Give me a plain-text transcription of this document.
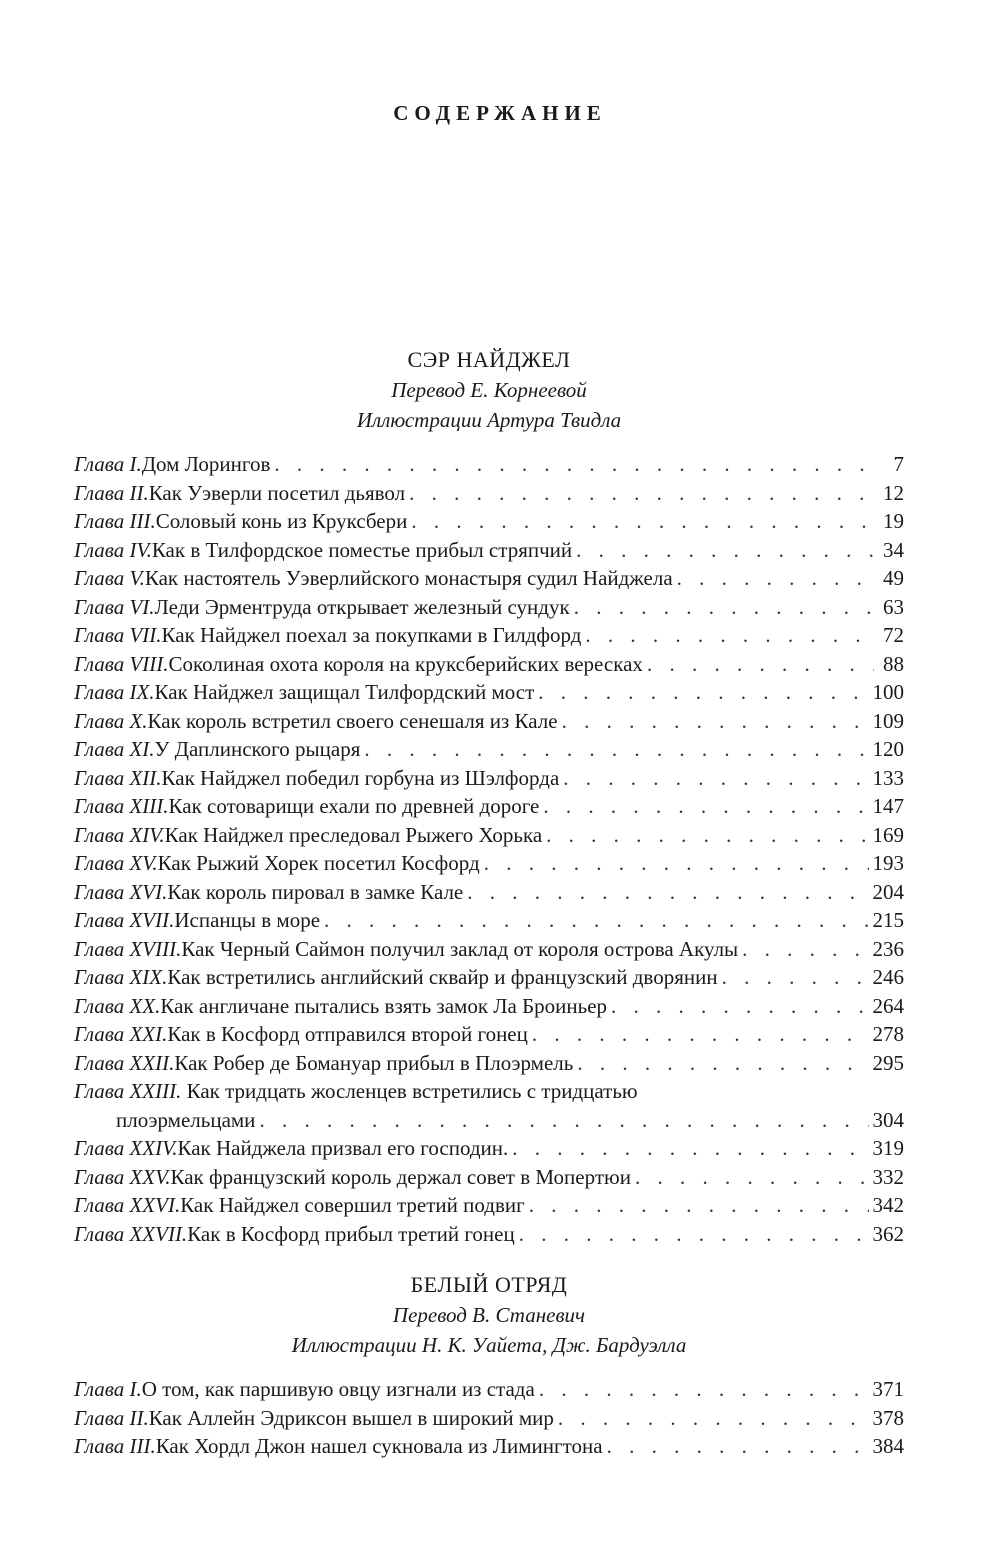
СОДЕРЖАНИЕ
СЭР НАЙДЖЕЛ
Перевод Е. Корнеевой
Иллюстрации Артура Твидла
Глава I. Дом Лорингов . . .	7
Глава II. Как Уэверли посетил дьявол . . .	12
Глава III. Соловый конь из Круксбери . . .	19
Глава IV. Как в Тилфордское поместье прибыл стряпчий . . .	34
Глава V. Как настоятель Уэверлийского монастыря судил Найджела . . .	49
Глава VI. Леди Эрментруда открывает железный сундук . . .	63
Глава VII. Как Найджел поехал за покупками в Гилдфорд . . .	72
Глава VIII. Соколиная охота короля на круксберийских вересках . . .	88
Глава IX. Как Найджел защищал Тилфордский мост . . .	100
Глава X. Как король встретил своего сенешаля из Кале . . .	109
Глава XI. У Даплинского рыцаря . . .	120
Глава XII. Как Найджел победил горбуна из Шэлфорда . . .	133
Глава XIII. Как сотоварищи ехали по древней дороге . . .	147
Глава XIV. Как Найджел преследовал Рыжего Хорька . . .	169
Глава XV. Как Рыжий Хорек посетил Косфорд . . .	193
Глава XVI. Как король пировал в замке Кале . . .	204
Глава XVII. Испанцы в море . . .	215
Глава XVIII. Как Черный Саймон получил заклад от короля острова Акулы . . .	236
Глава XIX. Как встретились английский сквайр и французский дворянин . . .	246
Глава XX. Как англичане пытались взять замок Ла Броиньер . . .	264
Глава XXI. Как в Косфорд отправился второй гонец . . .	278
Глава XXII. Как Робер де Бомануар прибыл в Плоэрмель . . .	295
Глава XXIII. Как тридцать жосленцев встретились с тридцатью
плоэрмельцами . . .	304
Глава XXIV. Как Найджела призвал его господин. . . .	319
Глава XXV. Как французский король держал совет в Мопертюи . . .	332
Глава XXVI. Как Найджел совершил третий подвиг . . .	342
Глава XXVII. Как в Косфорд прибыл третий гонец . . .	362
БЕЛЫЙ ОТРЯД
Перевод В. Станевич
Иллюстрации Н. К. Уайета, Дж. Бардуэлла
Глава I. О том, как паршивую овцу изгнали из стада . . .	371
Глава II. Как Аллейн Эдриксон вышел в широкий мир . . .	378
Глава III. Как Хордл Джон нашел сукновала из Лимингтона . . .	384
